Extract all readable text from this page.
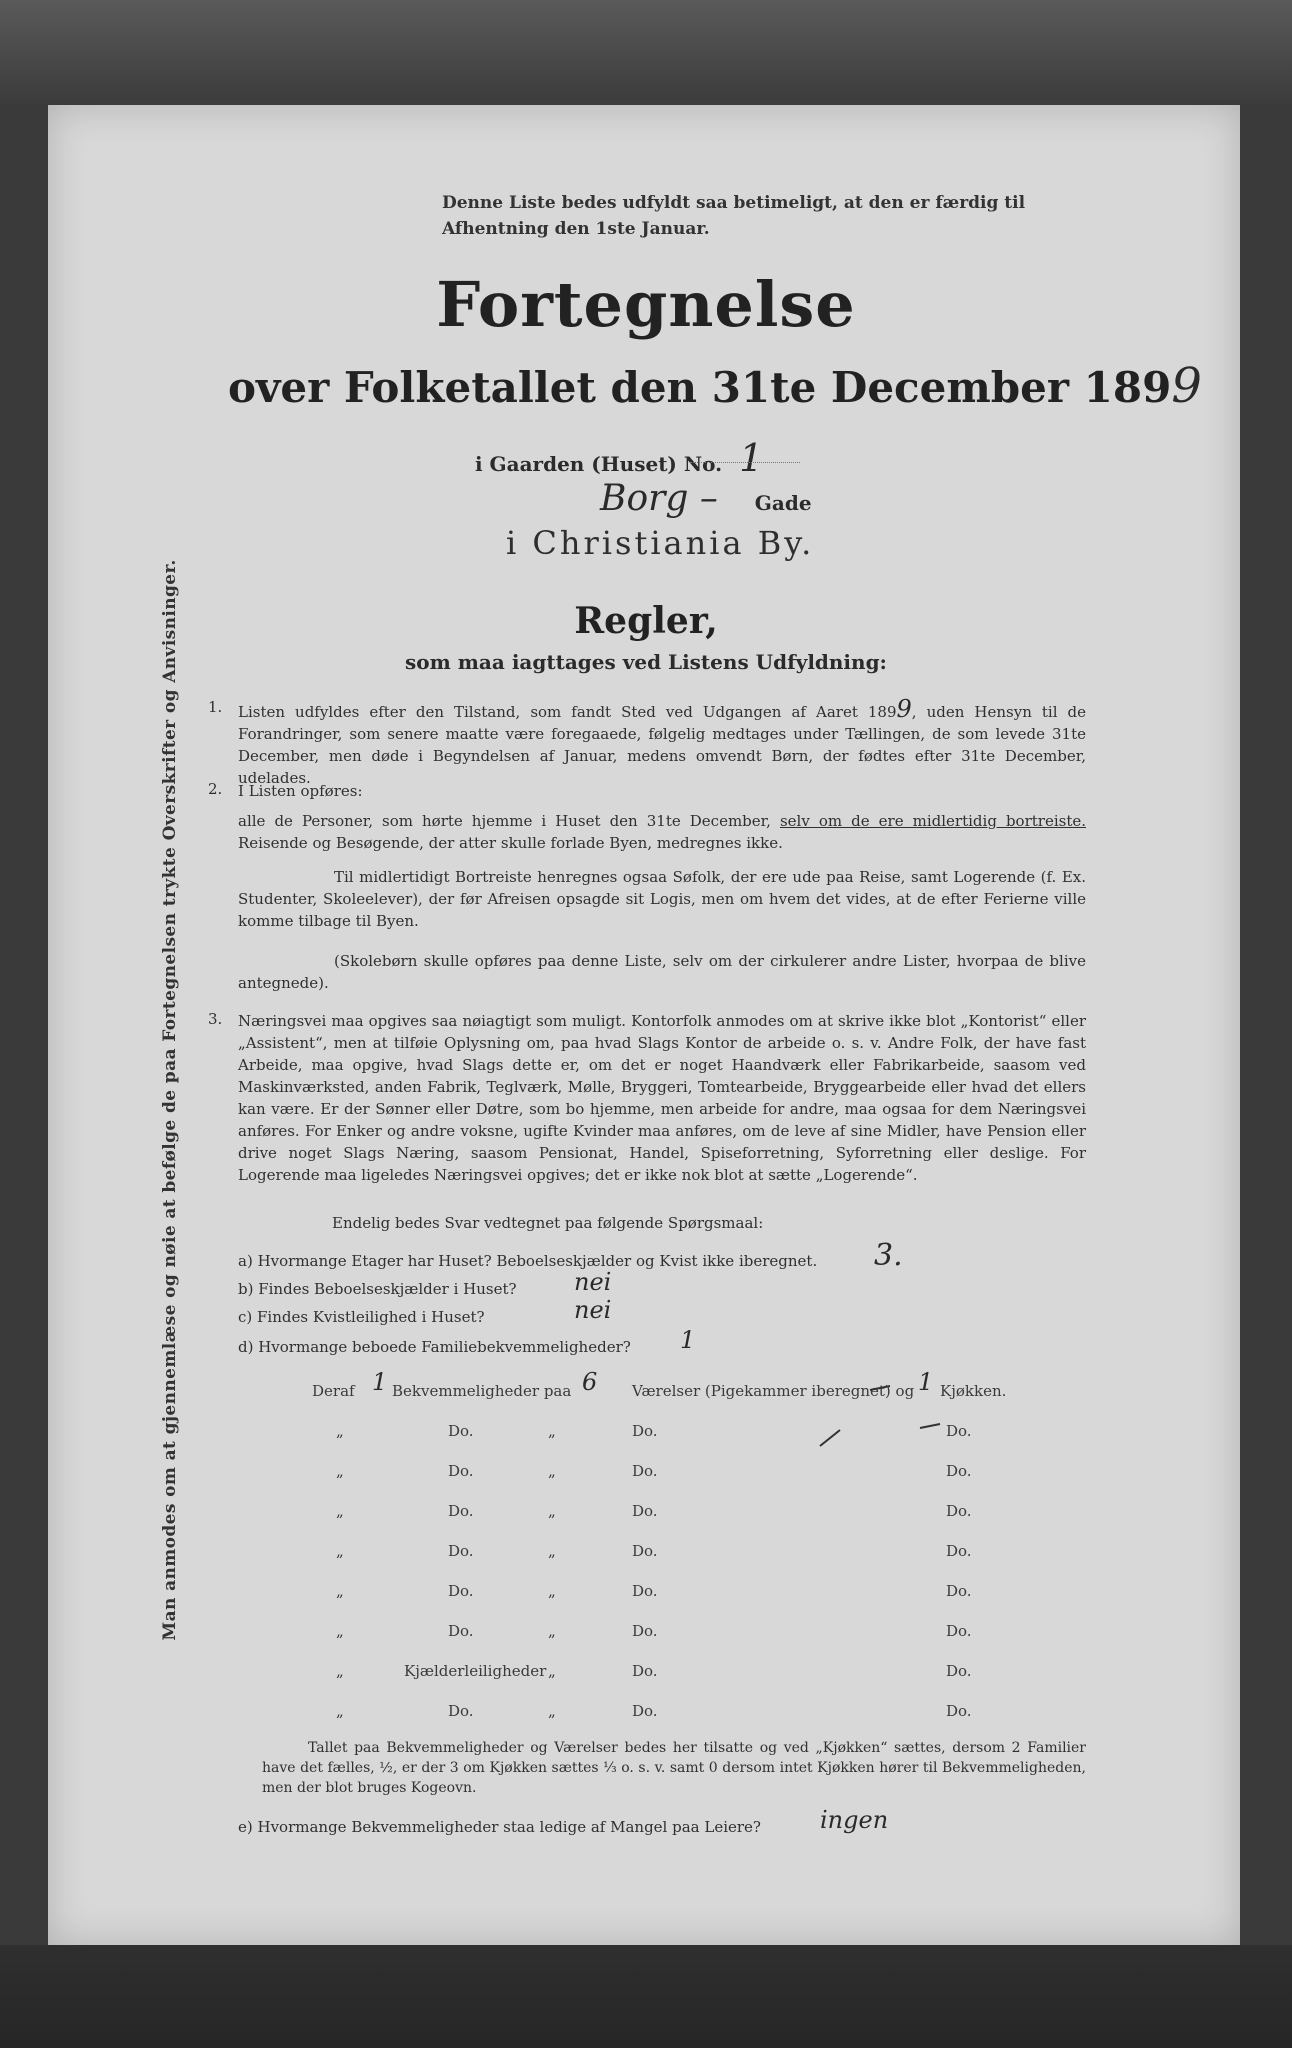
Man anmodes om at gjennemlæse og nøie at befølge de paa Fortegnelsen trykte Overskrifter og Anvisninger.
Denne Liste bedes udfyldt saa betimeligt, at den er færdig til Afhentning den 1ste Januar.
Fortegnelse
over Folketallet den 31te December 1899
i Gaarden (Huset) No. 1
Borg – Gade
i Christiania By.
Regler,
som maa iagttages ved Listens Udfyldning:
1. Listen udfyldes efter den Tilstand, som fandt Sted ved Udgangen af Aaret 1899, uden Hensyn til de Forandringer, som senere maatte være foregaaede, følgelig medtages under Tællingen, de som levede 31te December, men døde i Begyndelsen af Januar, medens omvendt Børn, der fødtes efter 31te December, udelades.
2. I Listen opføres:
alle de Personer, som hørte hjemme i Huset den 31te December, selv om de ere midlertidig bortreiste. Reisende og Besøgende, der atter skulle forlade Byen, medregnes ikke.
Til midlertidigt Bortreiste henregnes ogsaa Søfolk, der ere ude paa Reise, samt Logerende (f. Ex. Studenter, Skoleelever), der før Afreisen opsagde sit Logis, men om hvem det vides, at de efter Ferierne ville komme tilbage til Byen.
(Skolebørn skulle opføres paa denne Liste, selv om der cirkulerer andre Lister, hvorpaa de blive antegnede).
3. Næringsvei maa opgives saa nøiagtigt som muligt. Kontorfolk anmodes om at skrive ikke blot „Kontorist“ eller „Assistent“, men at tilføie Oplysning om, paa hvad Slags Kontor de arbeide o. s. v. Andre Folk, der have fast Arbeide, maa opgive, hvad Slags dette er, om det er noget Haandværk eller Fabrikarbeide, saasom ved Maskinværksted, anden Fabrik, Teglværk, Mølle, Bryggeri, Tomtearbeide, Bryggearbeide eller hvad det ellers kan være. Er der Sønner eller Døtre, som bo hjemme, men arbeide for andre, maa ogsaa for dem Næringsvei anføres. For Enker og andre voksne, ugifte Kvinder maa anføres, om de leve af sine Midler, have Pension eller drive noget Slags Næring, saasom Pensionat, Handel, Spiseforretning, Syforretning eller deslige. For Logerende maa ligeledes Næringsvei opgives; det er ikke nok blot at sætte „Logerende“.
Endelig bedes Svar vedtegnet paa følgende Spørgsmaal:
a) Hvormange Etager har Huset? Beboelseskjælder og Kvist ikke iberegnet. 3.
b) Findes Beboelseskjælder i Huset? nei
c) Findes Kvistleilighed i Huset?	nei
d) Hvormange beboede Familiebekvemmeligheder? 1
Deraf 1 Bekvemmeligheder paa 6 Værelser (Pigekammer iberegnet) og 1 Kjøkken.
„	Do.	„	Do.	Do.
„	Do.	„	Do.	Do.
„	Do.	„	Do.	Do.
„	Do.	„	Do.	Do.
„	Do.	„	Do.	Do.
„	Do.	„	Do.	Do.
„	Kjælderleiligheder „	Do.	Do.
„	Do.	„	Do.	Do.
Tallet paa Bekvemmeligheder og Værelser bedes her tilsatte og ved „Kjøkken“ sættes, dersom 2 Familier have det fælles, ½, er der 3 om Kjøkken sættes ⅓ o. s. v. samt 0 dersom intet Kjøkken hører til Bekvemmeligheden, men der blot bruges Kogeovn.
e) Hvormange Bekvemmeligheder staa ledige af Mangel paa Leiere? ingen
